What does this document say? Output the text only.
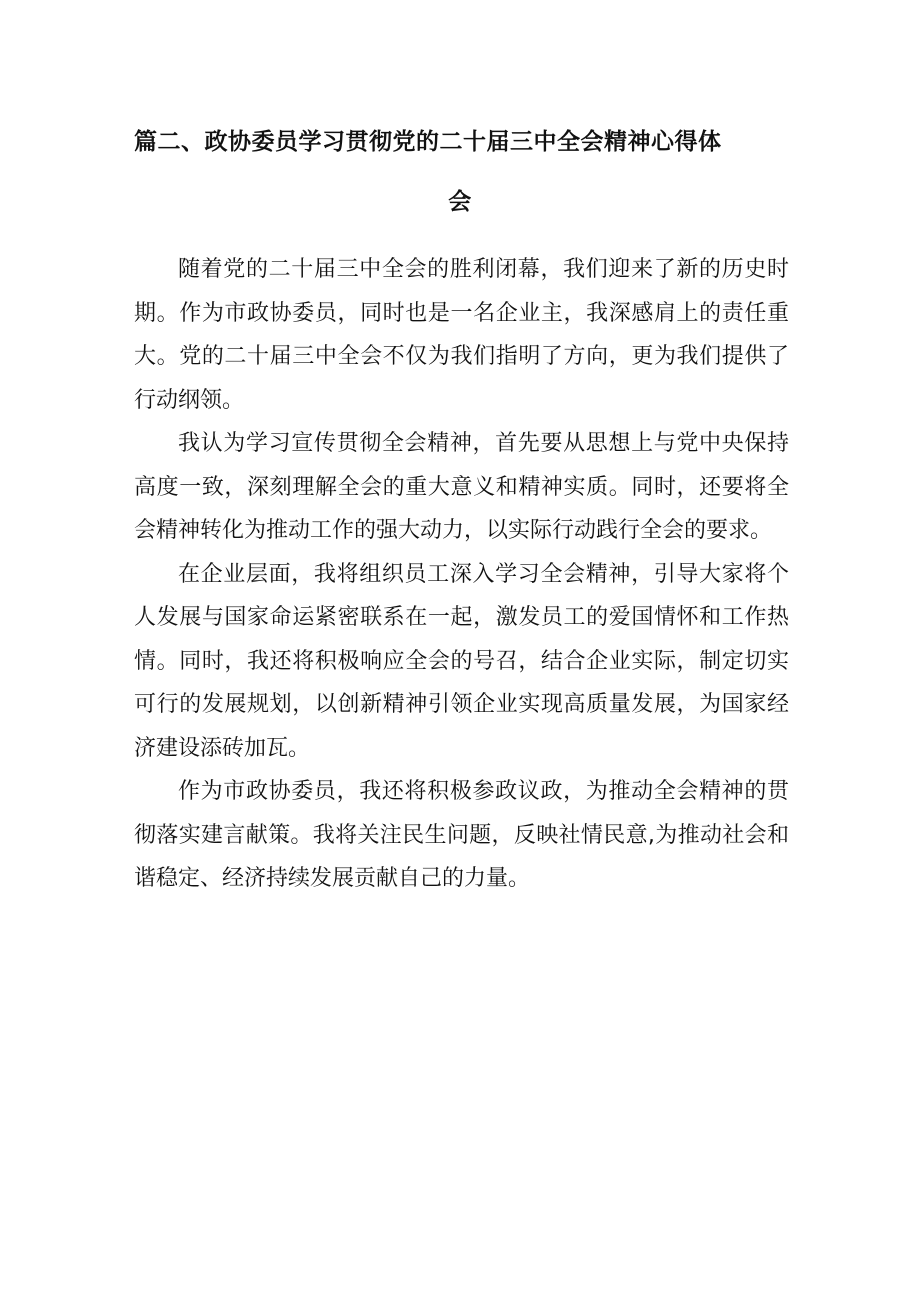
篇二、政协委员学习贯彻党的二十届三中全会精神心得体
会

随着党的二十届三中全会的胜利闭幕，我们迎来了新的历史时期。作为市政协委员，同时也是一名企业主，我深感肩上的责任重大。党的二十届三中全会不仅为我们指明了方向，更为我们提供了行动纲领。

我认为学习宣传贯彻全会精神，首先要从思想上与党中央保持高度一致，深刻理解全会的重大意义和精神实质。同时，还要将全会精神转化为推动工作的强大动力，以实际行动践行全会的要求。

在企业层面，我将组织员工深入学习全会精神，引导大家将个人发展与国家命运紧密联系在一起，激发员工的爱国情怀和工作热情。同时，我还将积极响应全会的号召，结合企业实际，制定切实可行的发展规划，以创新精神引领企业实现高质量发展，为国家经济建设添砖加瓦。

作为市政协委员，我还将积极参政议政，为推动全会精神的贯彻落实建言献策。我将关注民生问题，反映社情民意,为推动社会和谐稳定、经济持续发展贡献自己的力量。
